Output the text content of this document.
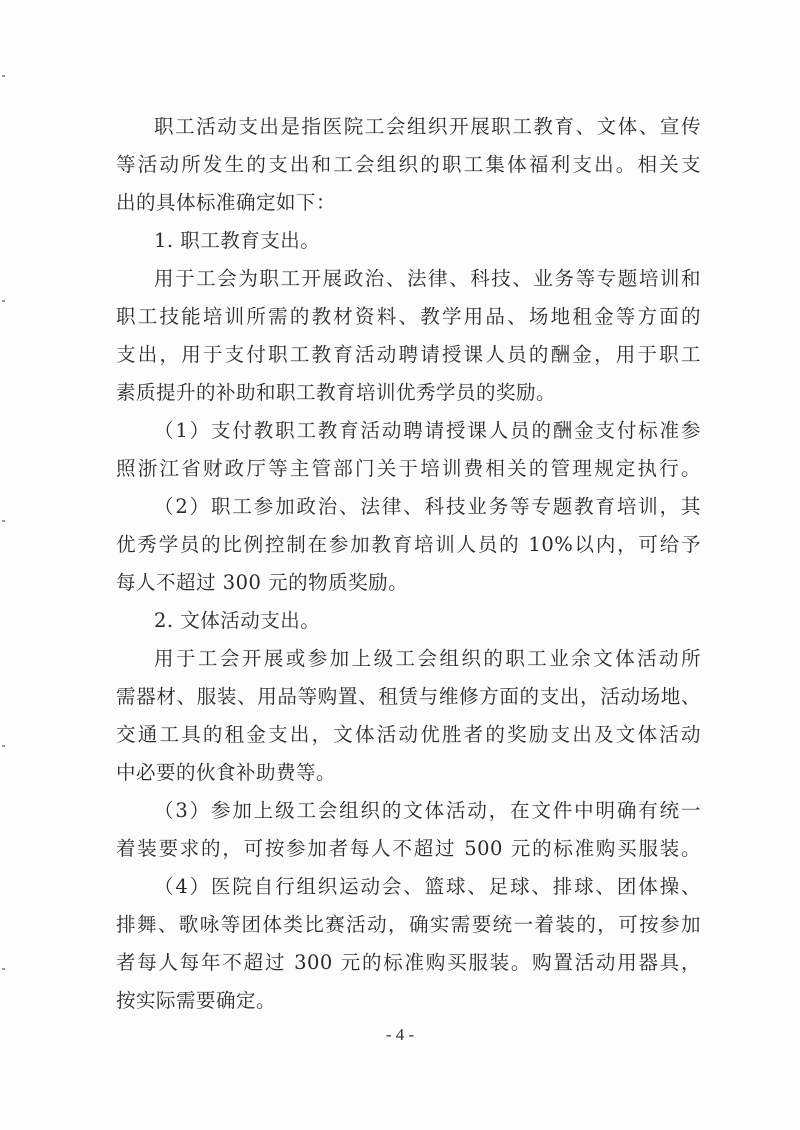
职工活动支出是指医院工会组织开展职工教育、文体、宣传
等活动所发生的支出和工会组织的职工集体福利支出。相关支
出的具体标准确定如下：
1. 职工教育支出。
用于工会为职工开展政治、法律、科技、业务等专题培训和
职工技能培训所需的教材资料、教学用品、场地租金等方面的
支出，用于支付职工教育活动聘请授课人员的酬金，用于职工
素质提升的补助和职工教育培训优秀学员的奖励。
（1）支付教职工教育活动聘请授课人员的酬金支付标准参
照浙江省财政厅等主管部门关于培训费相关的管理规定执行。
（2）职工参加政治、法律、科技业务等专题教育培训，其
优秀学员的比例控制在参加教育培训人员的 10%以内，可给予
每人不超过 300 元的物质奖励。
2. 文体活动支出。
用于工会开展或参加上级工会组织的职工业余文体活动所
需器材、服装、用品等购置、租赁与维修方面的支出，活动场地、
交通工具的租金支出，文体活动优胜者的奖励支出及文体活动
中必要的伙食补助费等。
（3）参加上级工会组织的文体活动，在文件中明确有统一
着装要求的，可按参加者每人不超过 500 元的标准购买服装。
（4）医院自行组织运动会、篮球、足球、排球、团体操、
排舞、歌咏等团体类比赛活动，确实需要统一着装的，可按参加
者每人每年不超过 300 元的标准购买服装。购置活动用器具，
按实际需要确定。
- 4 -
